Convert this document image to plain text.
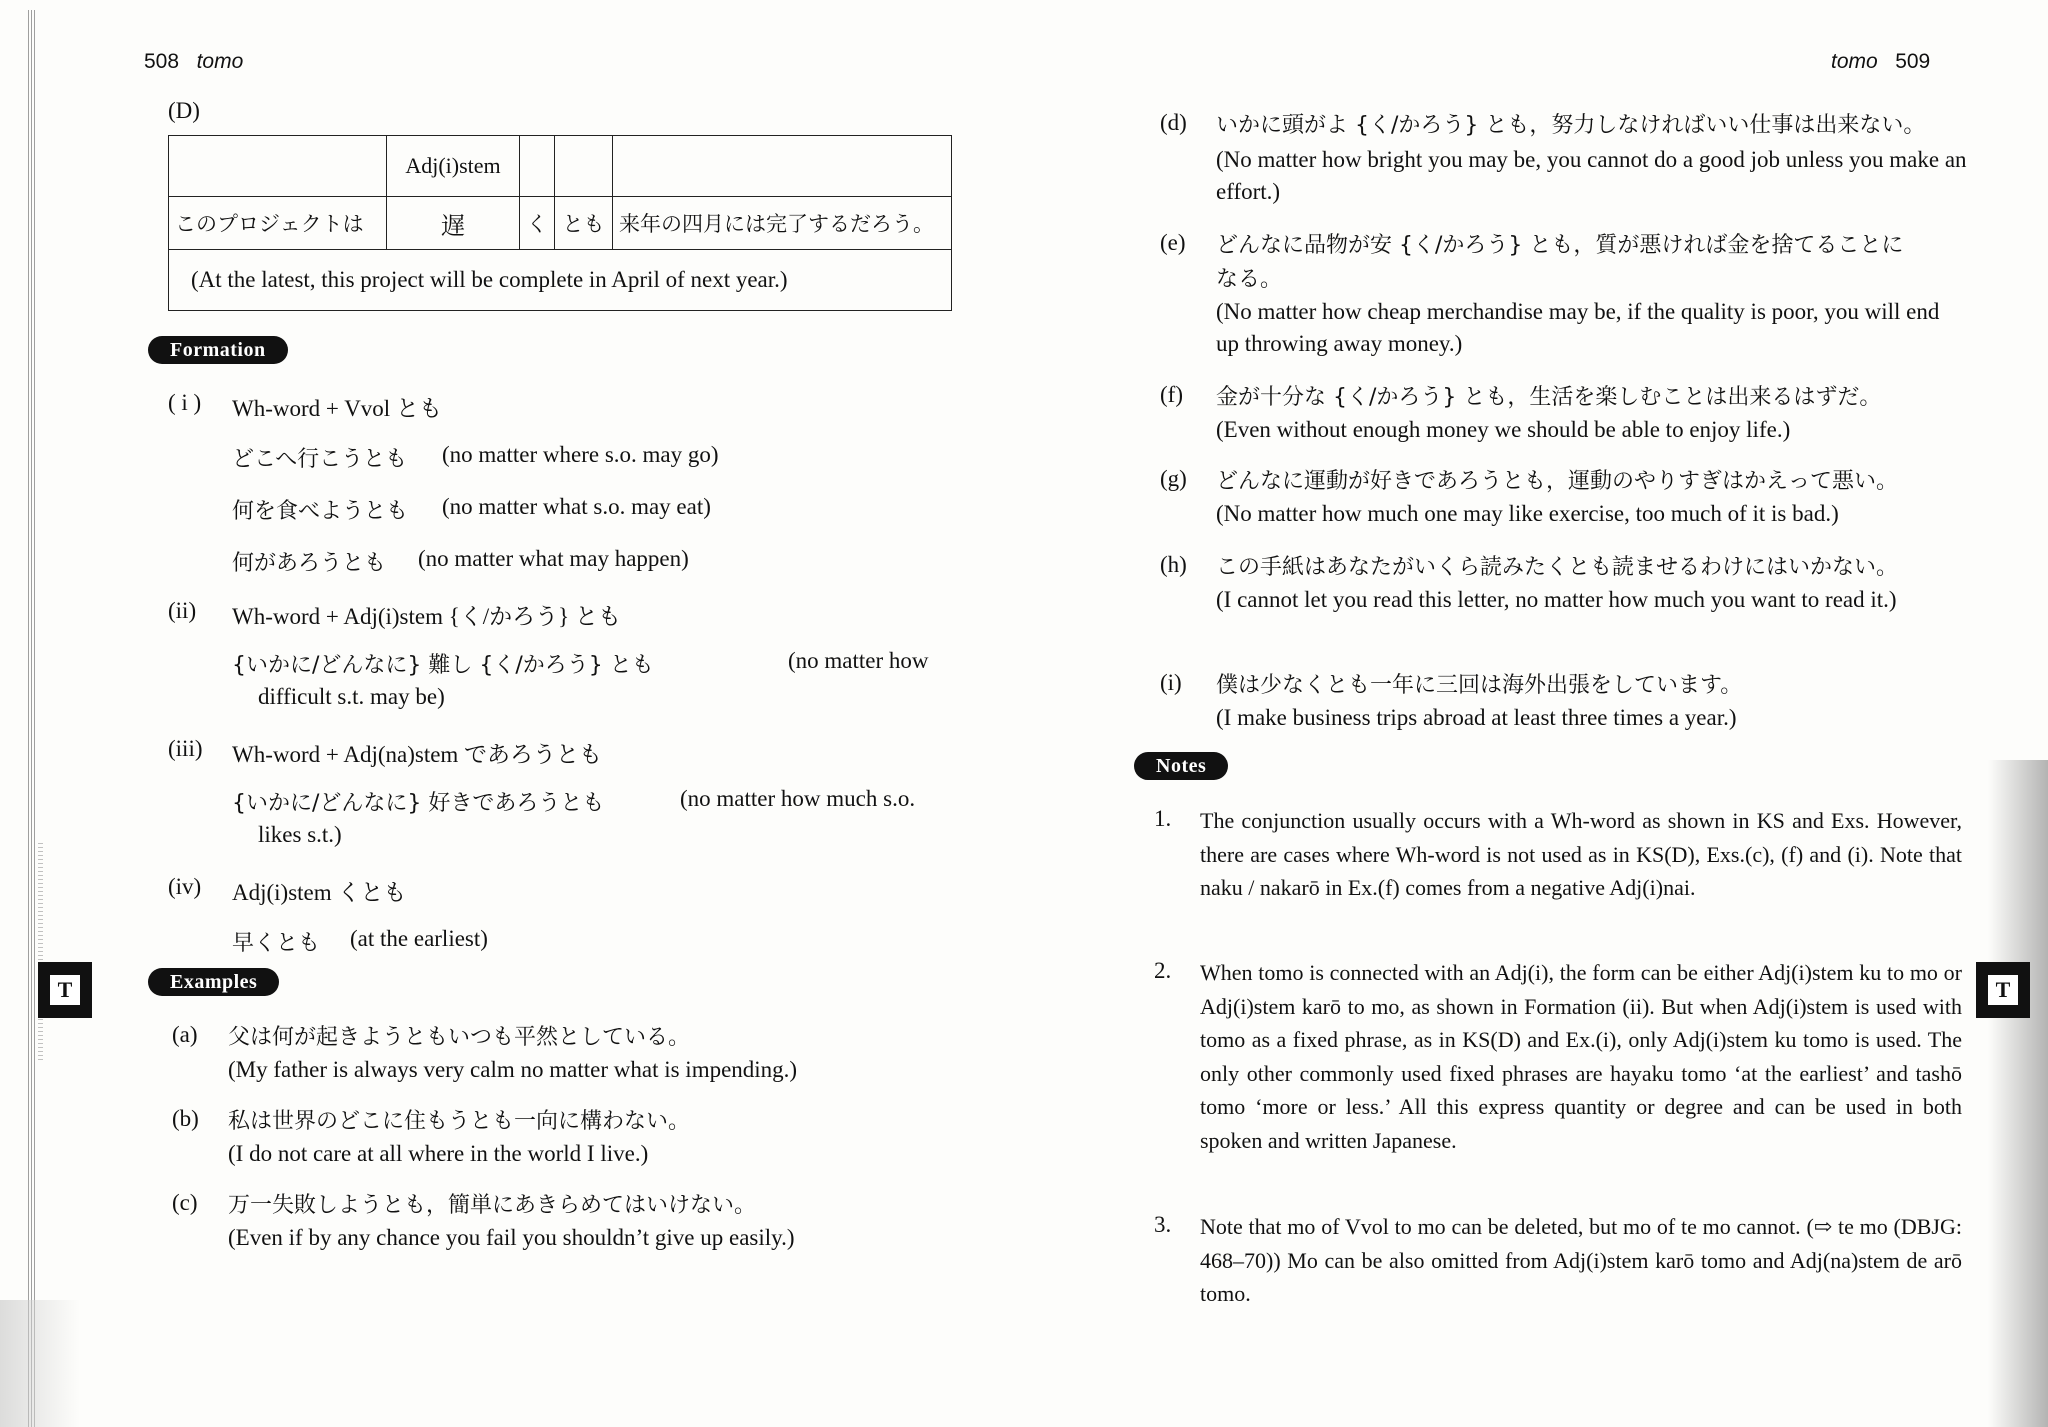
508 tomo
(D)
	Adj(i)stem			
このプロジェクトは	遅	く	とも	来年の四月には完了するだろう。
(At the latest, this project will be complete in April of next year.)				
Formation
( i ) Wh-word + Vvol とも
どこへ行こうとも (no matter where s.o. may go)
何を食べようとも (no matter what s.o. may eat)
何があろうとも (no matter what may happen)
(ii) Wh-word + Adj(i)stem {く/かろう} とも
{いかに/どんなに} 難し {く/かろう} とも	(no matter how
difficult s.t. may be)
(iii) Wh-word + Adj(na)stem であろうとも
{いかに/どんなに} 好きであろうとも	(no matter how much s.o.
likes s.t.)
(iv) Adj(i)stem くとも
早くとも (at the earliest)
T	Examples
(a) 父は何が起きようともいつも平然としている。
(My father is always very calm no matter what is impending.)
(b) 私は世界のどこに住もうとも一向に構わない。
(I do not care at all where in the world I live.)
(c) 万一失敗しようとも，簡単にあきらめてはいけない。
(Even if by any chance you fail you shouldn’t give up easily.)
tomo 509
(d) いかに頭がよ {く/かろう} とも，努力しなければいい仕事は出来ない。
(No matter how bright you may be, you cannot do a good job unless you make an effort.)
(e) どんなに品物が安 {く/かろう} とも，質が悪ければ金を捨てることに
なる。
(No matter how cheap merchandise may be, if the quality is poor, you will end up throwing away money.)
(f) 金が十分な {く/かろう} とも，生活を楽しむことは出来るはずだ。
(Even without enough money we should be able to enjoy life.)
(g) どんなに運動が好きであろうとも，運動のやりすぎはかえって悪い。
(No matter how much one may like exercise, too much of it is bad.)
(h) この手紙はあなたがいくら読みたくとも読ませるわけにはいかない。
(I cannot let you read this letter, no matter how much you want to read it.)
(i) 僕は少なくとも一年に三回は海外出張をしています。
(I make business trips abroad at least three times a year.)
Notes
T
1. The conjunction usually occurs with a Wh-word as shown in KS and Exs. However, there are cases where Wh-word is not used as in KS(D), Exs.(c), (f) and (i). Note that naku / nakarō in Ex.(f) comes from a negative Adj(i)nai.
2. When tomo is connected with an Adj(i), the form can be either Adj(i)stem ku to mo or Adj(i)stem karō to mo, as shown in Formation (ii). But when Adj(i)stem is used with tomo as a fixed phrase, as in KS(D) and Ex.(i), only Adj(i)stem ku tomo is used. The only other commonly used fixed phrases are hayaku tomo ‘at the earliest’ and tashō tomo ‘more or less.’ All this express quantity or degree and can be used in both spoken and written Japanese.
3. Note that mo of Vvol to mo can be deleted, but mo of te mo cannot. (⇨ te mo (DBJG: 468–70)) Mo can be also omitted from Adj(i)stem karō tomo and Adj(na)stem de arō tomo.
